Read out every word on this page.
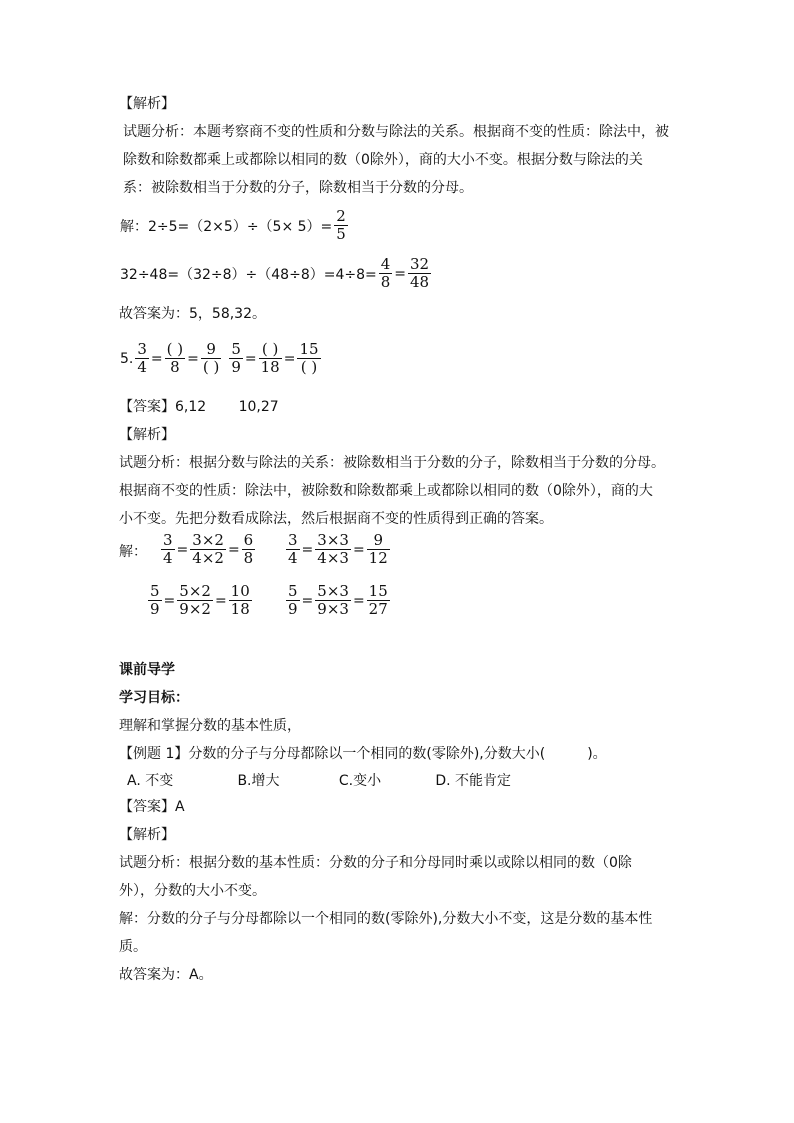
【解析】
试题分析：本题考察商不变的性质和分数与除法的关系。根据商不变的性质：除法中，被
除数和除数都乘上或都除以相同的数（0除外），商的大小不变。根据分数与除法的关
系：被除数相当于分数的分子，除数相当于分数的分母。
解：$2\div 5=(2\times 5)\div(5\times 5)= \frac{2}{5}$
$32\div 48=(32\div 8)\div(48\div 8)=4\div 8= \frac{4}{8} = \frac{32}{48}$
故答案为：5，58,32。
5. $\frac{3}{4} = \frac{( )}{8} = \frac{9}{( )} \frac{5}{9} = \frac{( )}{18} = \frac{15}{( )}$
【答案】6,12　　 10,27
【解析】
试题分析：根据分数与除法的关系：被除数相当于分数的分子，除数相当于分数的分母。
根据商不变的性质：除法中，被除数和除数都乘上或都除以相同的数（0除外），商的大
小不变。先把分数看成除法，然后根据商不变的性质得到正确的答案。
解： $\frac{3}{4} = \frac{3\times 2}{4\times 2} = \frac{6}{8} \frac{3}{4} = \frac{3\times 3}{4\times 3} = \frac{9}{12}$
$\frac{5}{9} = \frac{5\times 2}{9\times 2} = \frac{10}{18} \frac{5}{9} = \frac{5\times 3}{9\times 3} = \frac{15}{27}$
课前导学
学习目标：
理解和掌握分数的基本性质，
【例题 1】分数的分子与分母都除以一个相同的数(零除外),分数大小(　　　)。
A. 不变	B.增大	C.变小	D. 不能肯定
【答案】A
【解析】
试题分析：根据分数的基本性质：分数的分子和分母同时乘以或除以相同的数（0除
外），分数的大小不变。
解：分数的分子与分母都除以一个相同的数(零除外),分数大小不变，这是分数的基本性
质。
故答案为：A。
